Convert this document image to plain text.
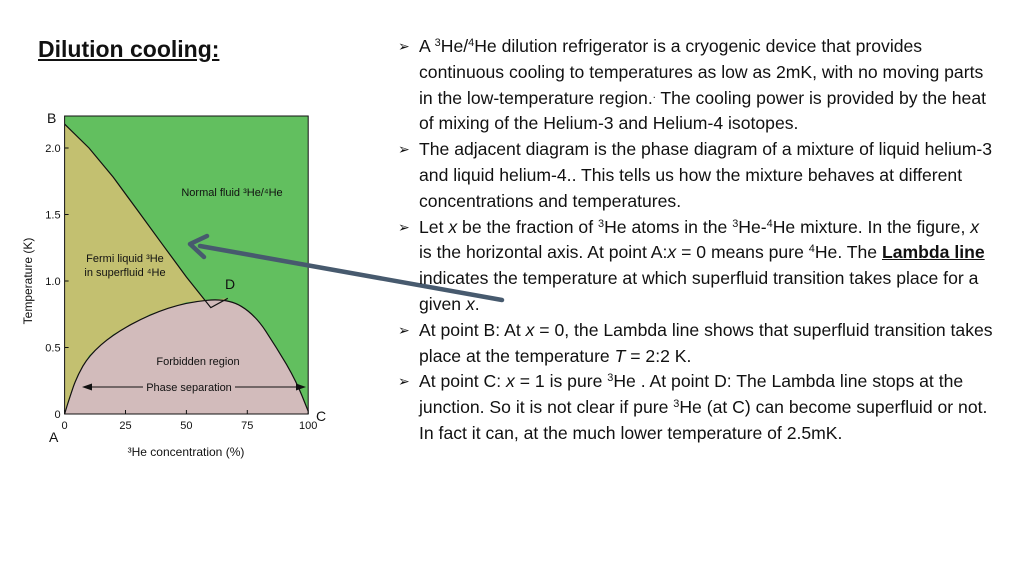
Dilution cooling:
0	25	50	75	100
0
0.5
1.0
1.5
2.0
Normal fluid ³He/⁴He
Fermi liquid ³He in superfluid ⁴He
Forbidden region
Phase separation
³He concentration (%)
Temperature (K)
A
B
C
D
➢ A $^3$He/$^4$He dilution refrigerator is a cryogenic device that provides continuous cooling to temperatures as low as 2mK, with no moving parts in the low-temperature region.. The cooling power is provided by the heat of mixing of the Helium-3 and Helium-4 isotopes.
➢ The adjacent diagram is the phase diagram of a mixture of liquid helium-3 and liquid helium-4.. This tells us how the mixture behaves at different concentrations and temperatures.
➢ Let x be the fraction of $^3$He atoms in the $^3$He-$^4$He mixture. In the figure, x is the horizontal axis. At point A:x = 0 means pure $^4$He. The Lambda line indicates the temperature at which superfluid transition takes place for a given x.
➢ At point B: At x = 0, the Lambda line shows that superfluid transition takes place at the temperature T = 2:2 K.
➢ At point C: x = 1 is pure $^3$He . At point D: The Lambda line stops at the junction. So it is not clear if pure $^3$He (at C) can become superfluid or not. In fact it can, at the much lower temperature of 2.5mK.
